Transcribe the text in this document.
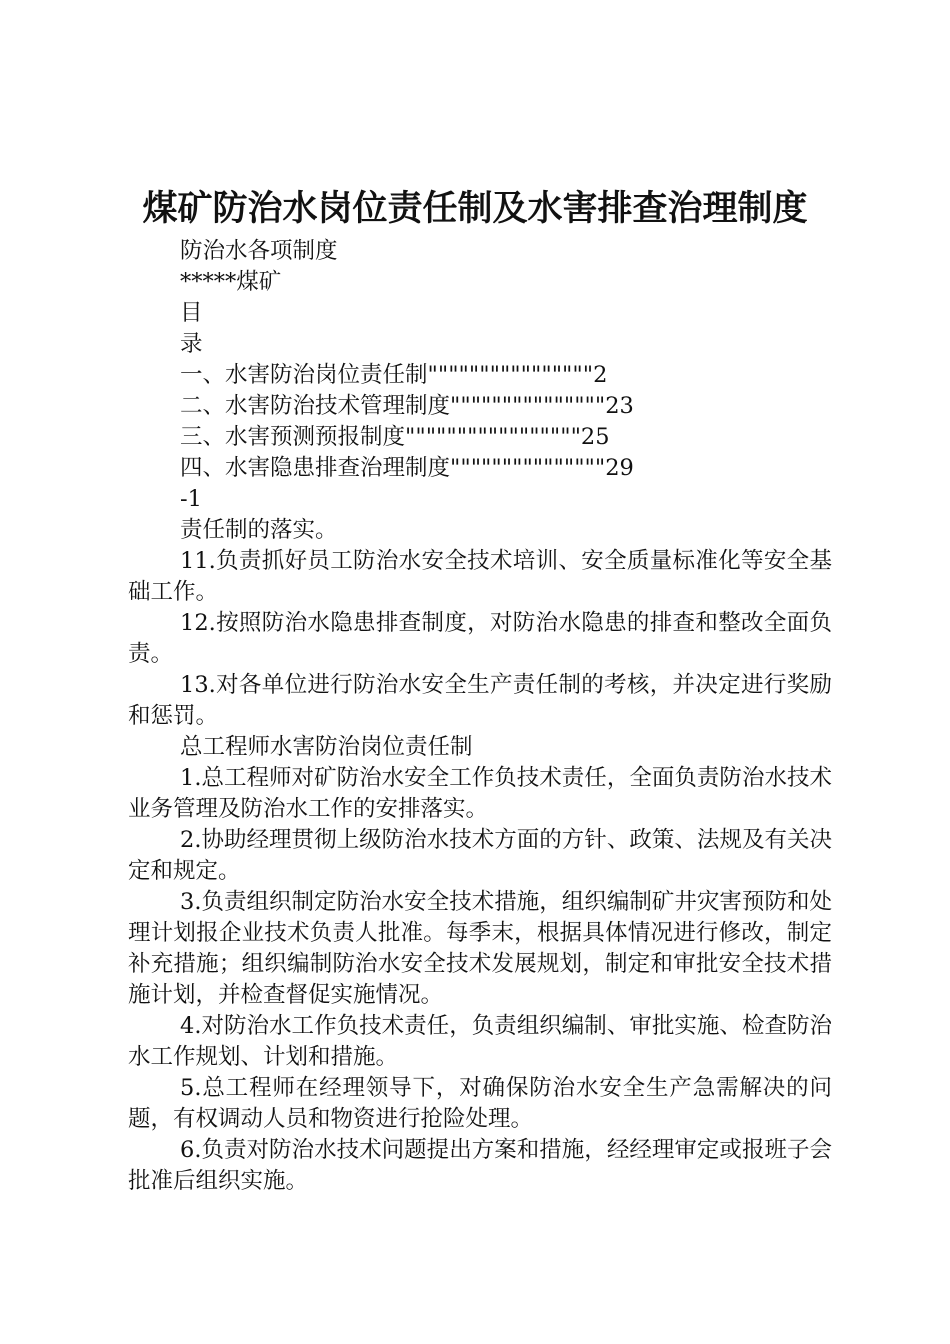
煤矿防治水岗位责任制及水害排查治理制度
防治水各项制度
*****煤矿
目
录
一、水害防治岗位责任制""""""""""""""""2
二、水害防治技术管理制度"""""""""""""""23
三、水害预测预报制度"""""""""""""""""25
四、水害隐患排查治理制度"""""""""""""""29
-1
责任制的落实。

11.负责抓好员工防治水安全技术培训、安全质量标准化等安全基础工作。

12.按照防治水隐患排查制度，对防治水隐患的排查和整改全面负责。

13.对各单位进行防治水安全生产责任制的考核，并决定进行奖励和惩罚。

总工程师水害防治岗位责任制

1.总工程师对矿防治水安全工作负技术责任，全面负责防治水技术业务管理及防治水工作的安排落实。

2.协助经理贯彻上级防治水技术方面的方针、政策、法规及有关决定和规定。

3.负责组织制定防治水安全技术措施，组织编制矿井灾害预防和处理计划报企业技术负责人批准。每季末，根据具体情况进行修改，制定补充措施；组织编制防治水安全技术发展规划，制定和审批安全技术措施计划，并检查督促实施情况。

4.对防治水工作负技术责任，负责组织编制、审批实施、检查防治水工作规划、计划和措施。

5.总工程师在经理领导下，对确保防治水安全生产急需解决的问题，有权调动人员和物资进行抢险处理。

6.负责对防治水技术问题提出方案和措施，经经理审定或报班子会批准后组织实施。
